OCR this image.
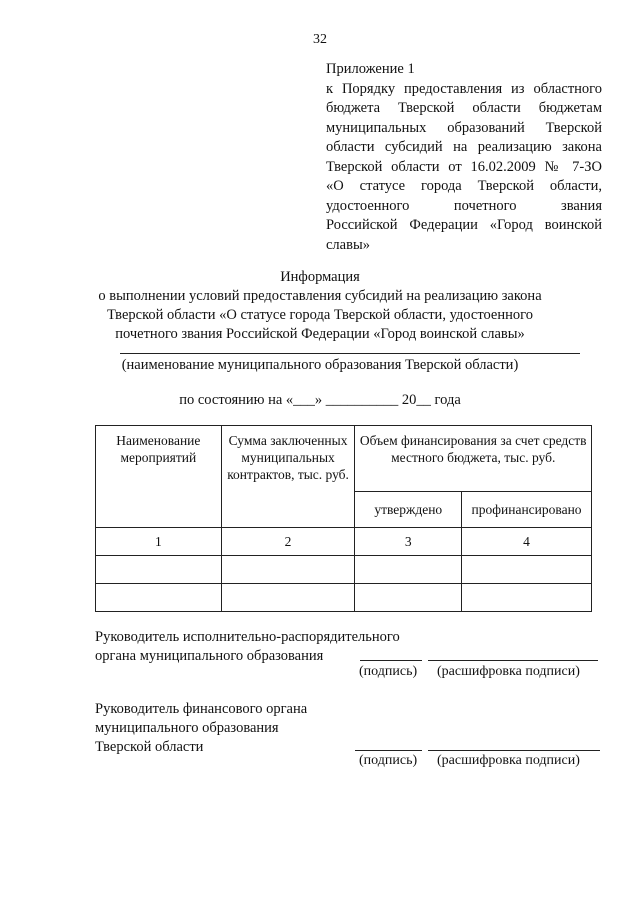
32
Приложение 1
к Порядку предоставления из областного
бюджета Тверской области бюджетам
муниципальных образований Тверской
области субсидий на реализацию закона
Тверской области от 16.02.2009 № 7-ЗО
«О статусе города Тверской области,
удостоенного почетного звания
Российской Федерации «Город воинской
славы»
Информация
о выполнении условий предоставления субсидий на реализацию закона
Тверской области «О статусе города Тверской области, удостоенного
почетного звания Российской Федерации «Город воинской славы»
(наименование муниципального образования Тверской области)
по состоянию на «___» __________ 20__ года
Наименование мероприятий	Сумма заключенных муниципальных контрактов, тыс. руб.	Объем финансирования за счет средств местного бюджета, тыс. руб.	
		утверждено	профинансировано
1	2	3	4

Руководитель исполнительно-распорядительного
органа муниципального образования
(подпись) (расшифровка подписи)
Руководитель финансового органа
муниципального образования
Тверской области
(подпись) (расшифровка подписи)
